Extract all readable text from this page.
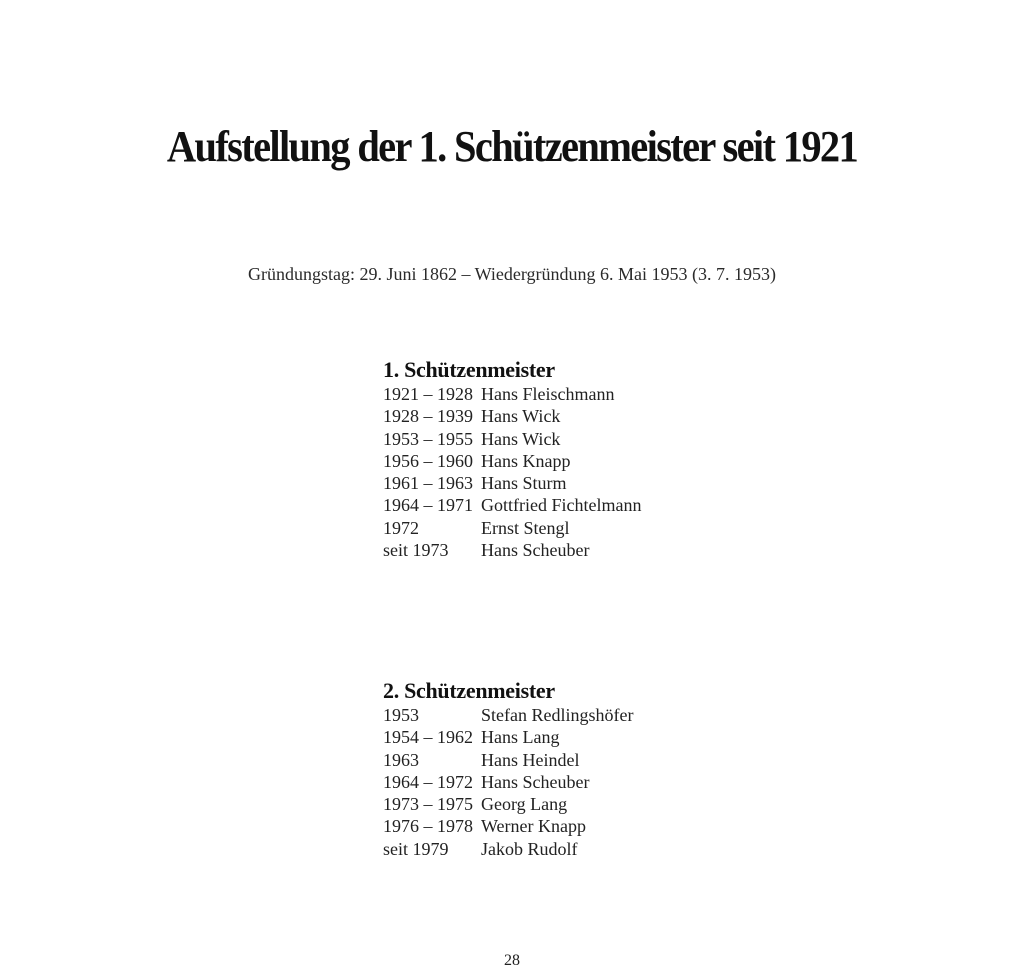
Aufstellung der 1. Schützenmeister seit 1921
Gründungstag: 29. Juni 1862 – Wiedergründung 6. Mai 1953 (3. 7. 1953)
1. Schützenmeister
1921 – 1928 Hans Fleischmann
1928 – 1939 Hans Wick
1953 – 1955 Hans Wick
1956 – 1960 Hans Knapp
1961 – 1963 Hans Sturm
1964 – 1971 Gottfried Fichtelmann
1972	Ernst Stengl
seit 1973	Hans Scheuber
2. Schützenmeister
1953	Stefan Redlingshöfer
1954 – 1962 Hans Lang
1963	Hans Heindel
1964 – 1972 Hans Scheuber
1973 – 1975 Georg Lang
1976 – 1978 Werner Knapp
seit 1979	Jakob Rudolf
28
